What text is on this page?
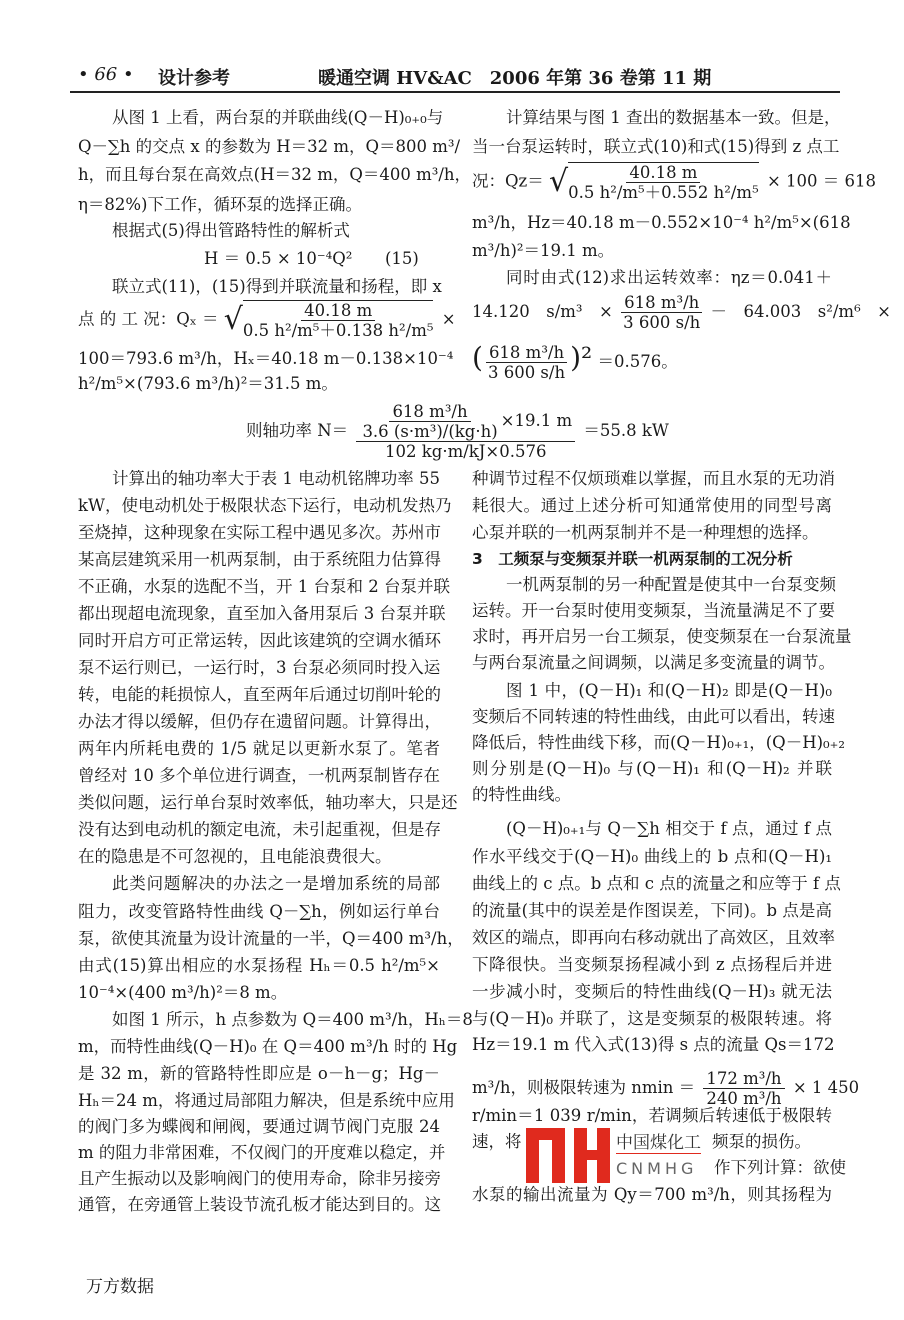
• 66 • 设计参考	暖通空调 HV&AC　2006 年第 36 卷第 11 期
从图 1 上看，两台泵的并联曲线(Q－H)₀₊₀与
Q－∑h 的交点 x 的参数为 H＝32 m，Q＝800 m³/
h，而且每台泵在高效点(H＝32 m，Q＝400 m³/h，
η＝82%)下工作，循环泵的选择正确。
根据式(5)得出管路特性的解析式
H ＝ 0.5 × 10⁻⁴Q² (15)
联立式(11)，(15)得到并联流量和扬程，即 x
点 的 工 况：Qₓ ＝ √ $\frac{40.18 m}{\text{0.5 h²/m⁵＋0.138 h²/m⁵}}$ ×
100＝793.6 m³/h，Hₓ＝40.18 m－0.138×10⁻⁴
h²/m⁵×(793.6 m³/h)²＝31.5 m。
计算结果与图 1 查出的数据基本一致。但是，
当一台泵运转时，联立式(10)和式(15)得到 z 点工
况：Qz＝ √ $\frac{40.18 m}{\text{0.5 h²/m⁵＋0.552 h²/m⁵}} \times 100 = 618$
m³/h，Hz＝40.18 m－0.552×10⁻⁴ h²/m⁵×(618
m³/h)²＝19.1 m。
同时由式(12)求出运转效率：ηz＝0.041＋
14.120　s/m³　× $\frac{\text{618 m³/h}}{3 600 s/h}$ －　64.003　s²/m⁶　×
( $\frac{\text{618 m³/h}}{3 600 s/h} )^2 =0.576$。
则轴功率 $N= \frac{\frac{\text{618 m³/h}}{\text{3.6 (s·m³)/(kg·h)}} \times 19.1 m}{102 kg\cdot m/kJ\times 0.576} =55.8$ kW
m³/h，则极限转速为 $nmin = \frac{\text{172 m³/h}}{\text{240 m³/h}} \times 1$ 450
速，将	频泵的损伤。
作下列计算：欲使
中国煤化工
CNMHG
万方数据
计算出的轴功率大于表 1 电动机铭牌功率 55
kW，使电动机处于极限状态下运行，电动机发热乃
至烧掉，这种现象在实际工程中遇见多次。苏州市
某高层建筑采用一机两泵制，由于系统阻力估算得
不正确，水泵的选配不当，开 1 台泵和 2 台泵并联
都出现超电流现象，直至加入备用泵后 3 台泵并联
同时开启方可正常运转，因此该建筑的空调水循环
泵不运行则已，一运行时，3 台泵必须同时投入运
转，电能的耗损惊人，直至两年后通过切削叶轮的
办法才得以缓解，但仍存在遗留问题。计算得出，
两年内所耗电费的 1/5 就足以更新水泵了。笔者
曾经对 10 多个单位进行调查，一机两泵制皆存在
类似问题，运行单台泵时效率低，轴功率大，只是还
没有达到电动机的额定电流，未引起重视，但是存
在的隐患是不可忽视的，且电能浪费很大。
此类问题解决的办法之一是增加系统的局部
阻力，改变管路特性曲线 Q－∑h，例如运行单台
泵，欲使其流量为设计流量的一半，Q＝400 m³/h，
由式(15)算出相应的水泵扬程 Hₕ＝0.5 h²/m⁵×
10⁻⁴×(400 m³/h)²＝8 m。
如图 1 所示，h 点参数为 Q＝400 m³/h，Hₕ＝8
m，而特性曲线(Q－H)₀ 在 Q＝400 m³/h 时的 Hg
是 32 m，新的管路特性即应是 o－h－g；Hg－
Hₕ＝24 m，将通过局部阻力解决，但是系统中应用
的阀门多为蝶阀和闸阀，要通过调节阀门克服 24
m 的阻力非常困难，不仅阀门的开度难以稳定，并
且产生振动以及影响阀门的使用寿命，除非另接旁
通管，在旁通管上装设节流孔板才能达到目的。这
种调节过程不仅烦琐难以掌握，而且水泵的无功消
耗很大。通过上述分析可知通常使用的同型号离
心泵并联的一机两泵制并不是一种理想的选择。
3　工频泵与变频泵并联一机两泵制的工况分析
一机两泵制的另一种配置是使其中一台泵变频
运转。开一台泵时使用变频泵，当流量满足不了要
求时，再开启另一台工频泵，使变频泵在一台泵流量
与两台泵流量之间调频，以满足多变流量的调节。
图 1 中，(Q－H)₁ 和(Q－H)₂ 即是(Q－H)₀
变频后不同转速的特性曲线，由此可以看出，转速
降低后，特性曲线下移，而(Q－H)₀₊₁，(Q－H)₀₊₂
则分别是(Q－H)₀ 与(Q－H)₁ 和(Q－H)₂ 并联
的特性曲线。
(Q－H)₀₊₁与 Q－∑h 相交于 f 点，通过 f 点
作水平线交于(Q－H)₀ 曲线上的 b 点和(Q－H)₁
曲线上的 c 点。b 点和 c 点的流量之和应等于 f 点
的流量(其中的误差是作图误差，下同)。b 点是高
效区的端点，即再向右移动就出了高效区，且效率
下降很快。当变频泵扬程减小到 z 点扬程后并进
一步减小时，变频后的特性曲线(Q－H)₃ 就无法
与(Q－H)₀ 并联了，这是变频泵的极限转速。将
Hz＝19.1 m 代入式(13)得 s 点的流量 Qs＝172
r/min＝1 039 r/min，若调频后转速低于极限转
水泵的输出流量为 Qy＝700 m³/h，则其扬程为
